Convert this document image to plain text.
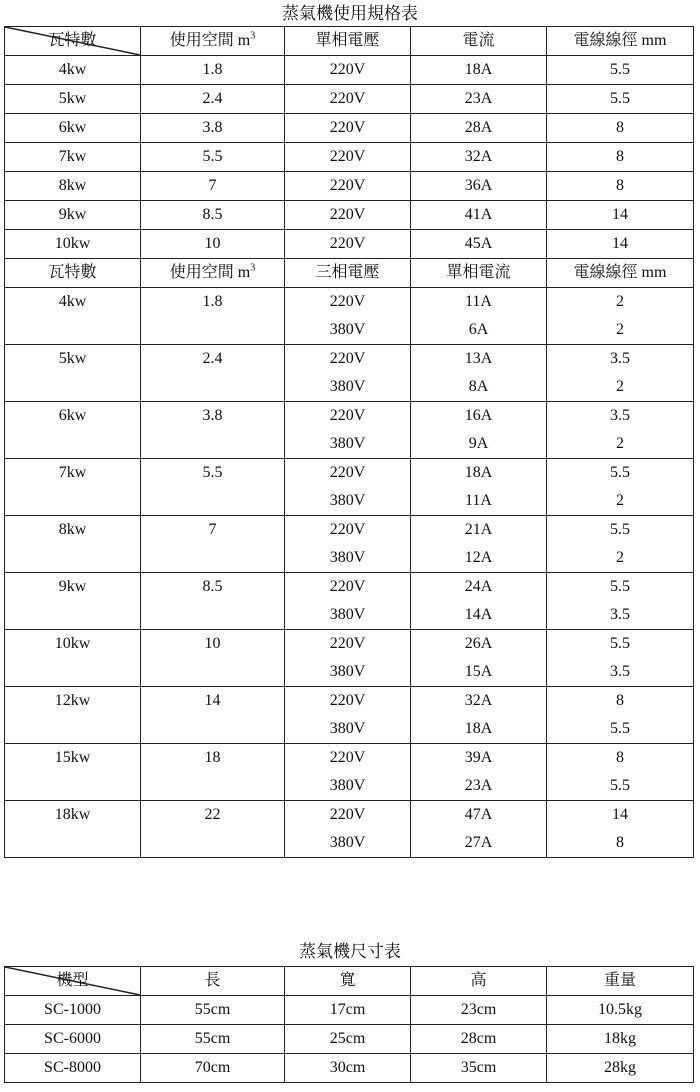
蒸氣機使用規格表
瓦特數	使用空間 $m^3$	單相電壓	電流	電線線徑 mm
4kw	1.8	220V	18A	5.5
5kw	2.4	220V	23A	5.5
6kw	3.8	220V	28A	8
7kw	5.5	220V	32A	8
8kw	7	220V	36A	8
9kw	8.5	220V	41A	14
10kw	10	220V	45A	14
瓦特數	使用空間 $m^3$	三相電壓	單相電流	電線線徑 mm
4kw	1.8	220V	11A	2
		380V	6A	2
5kw	2.4	220V	13A	3.5
		380V	8A	2
6kw	3.8	220V	16A	3.5
		380V	9A	2
7kw	5.5	220V	18A	5.5
		380V	11A	2
8kw	7	220V	21A	5.5
		380V	12A	2
9kw	8.5	220V	24A	5.5
		380V	14A	3.5
10kw	10	220V	26A	5.5
		380V	15A	3.5
12kw	14	220V	32A	8
		380V	18A	5.5
15kw	18	220V	39A	8
		380V	23A	5.5
18kw	22	220V	47A	14
		380V	27A	8
蒸氣機尺寸表
機型	長	寬	高	重量
SC-1000	55cm	17cm	23cm	10.5kg
SC-6000	55cm	25cm	28cm	18kg
SC-8000	70cm	30cm	35cm	28kg
